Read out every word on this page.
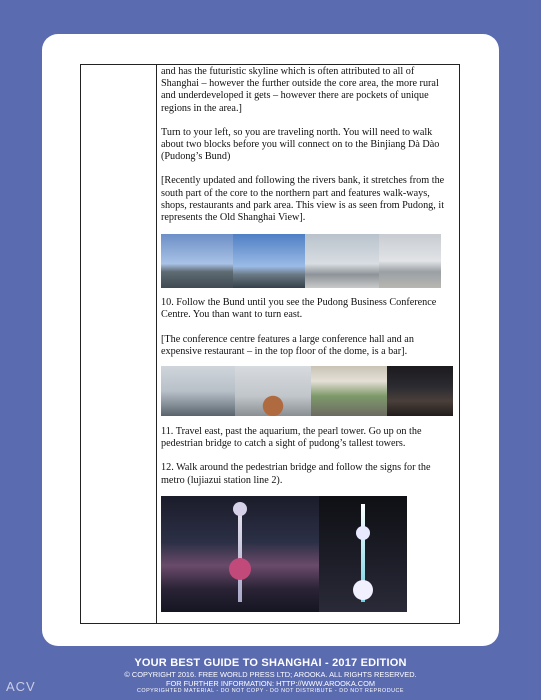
and has the futuristic skyline which is often attributed to all of Shanghai – however the further outside the core area, the more rural and underdeveloped it gets – however there are pockets of unique regions in the area.]

Turn to your left, so you are traveling north. You will need to walk about two blocks before you will connect on to the Binjiang Dà Dào (Pudong’s Bund)

[Recently updated and following the rivers bank, it stretches from the south part of the core to the northern part and features walk-ways, shops, restaurants and park area. This view is as seen from Pudong, it represents the Old Shanghai View].

10. Follow the Bund until you see the Pudong Business Conference Centre. You than want to turn east.

[The conference centre features a large conference hall and an expensive restaurant – in the top floor of the dome, is a bar].

11. Travel east, past the aquarium, the pearl tower. Go up on the pedestrian bridge to catch a sight of pudong’s tallest towers.

12. Walk around the pedestrian bridge and follow the signs for the metro (lujiazui station line 2).

YOUR BEST GUIDE TO SHANGHAI - 2017 EDITION
© COPYRIGHT 2016. FREE WORLD PRESS LTD; AROOKA. ALL RIGHTS RESERVED.
FOR FURTHER INFORMATION: HTTP://WWW.AROOKA.COM
COPYRIGHTED MATERIAL - DO NOT COPY - DO NOT DISTRIBUTE - DO NOT REPRODUCE
ACV
